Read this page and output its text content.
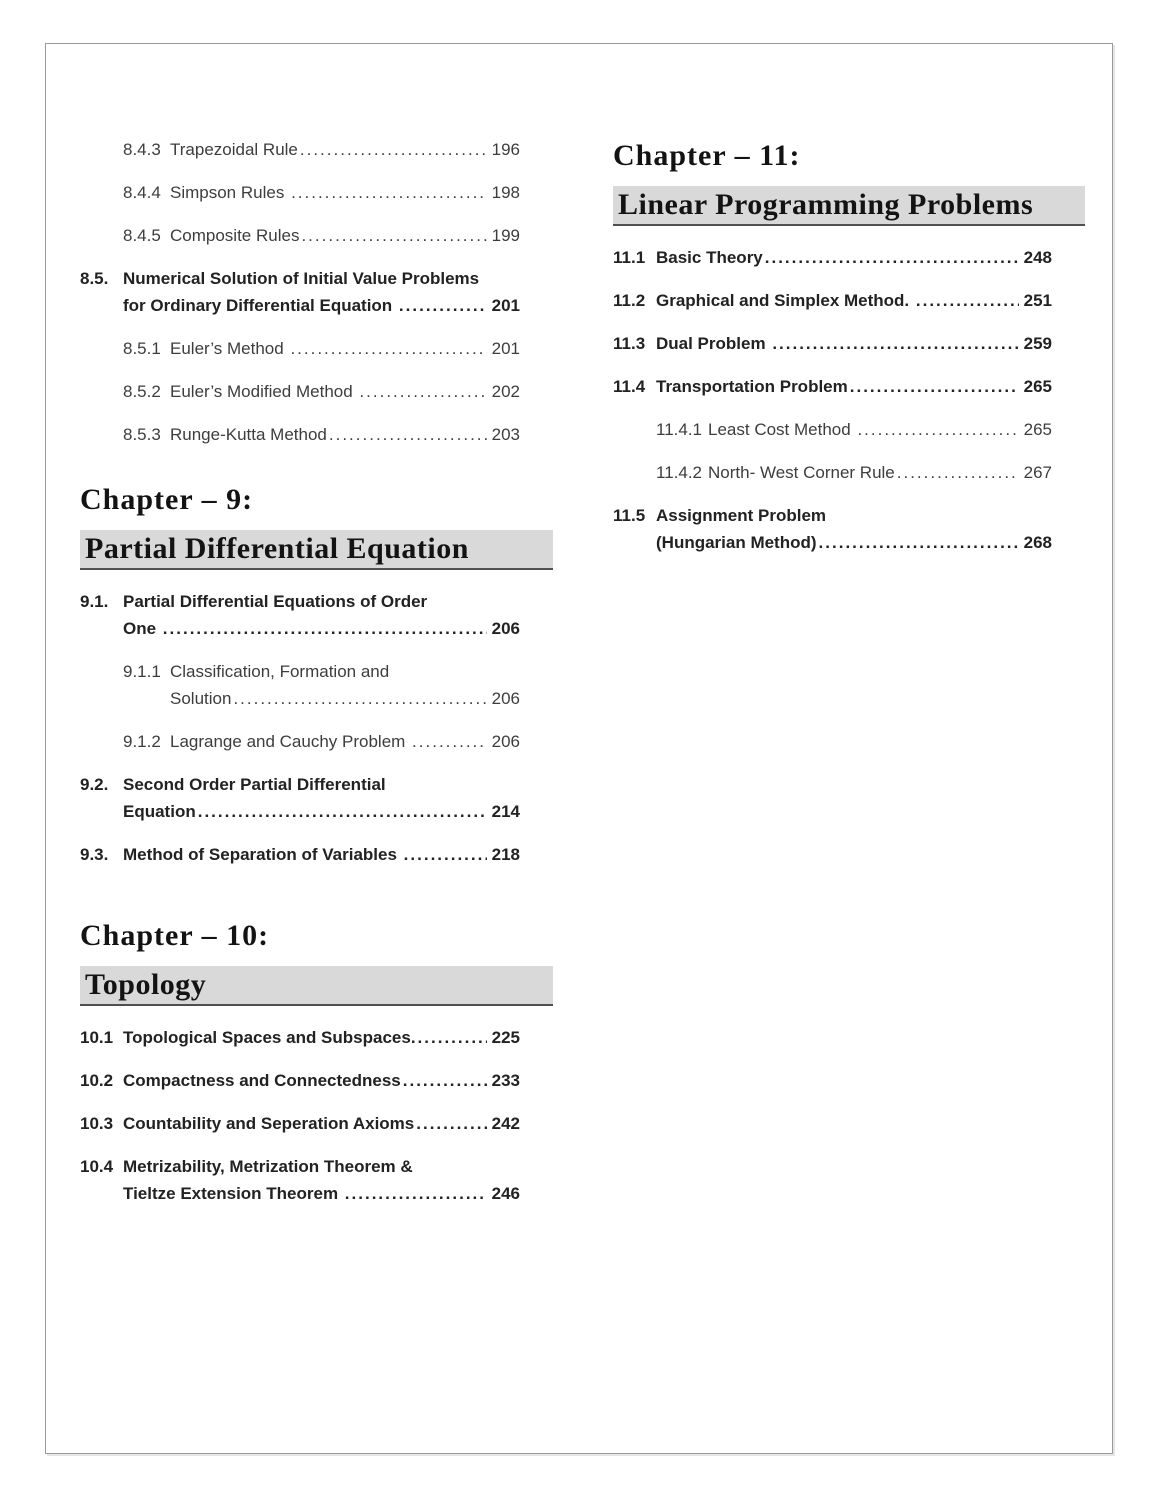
8.4.3 Trapezoidal Rule .....	196
8.4.4 Simpson Rules .....	198
8.4.5 Composite Rules .....	199
8.5. Numerical Solution of Initial Value Problems
for Ordinary Differential Equation .....	201
8.5.1 Euler’s Method .....	201
8.5.2 Euler’s Modified Method .....	202
8.5.3 Runge-Kutta Method .....	203
Chapter – 9:
Partial Differential Equation
9.1. Partial Differential Equations of Order
One .....	206
9.1.1 Classification, Formation and
Solution .....	206
9.1.2 Lagrange and Cauchy Problem .....	206
9.2. Second Order Partial Differential
Equation .....	214
9.3. Method of Separation of Variables .....	218
Chapter – 10:
Topology
10.1 Topological Spaces and Subspaces. .....	225
10.2 Compactness and Connectedness .....	233
10.3 Countability and Seperation Axioms .....	242
10.4 Metrizability, Metrization Theorem &
Tieltze Extension Theorem .....	246
Chapter – 11:
Linear Programming Problems
11.1 Basic Theory .....	248
11.2 Graphical and Simplex Method. .....	251
11.3 Dual Problem .....	259
11.4 Transportation Problem .....	265
11.4.1 Least Cost Method .....	265
11.4.2 North- West Corner Rule .....	267
11.5 Assignment Problem
(Hungarian Method) .....	268
